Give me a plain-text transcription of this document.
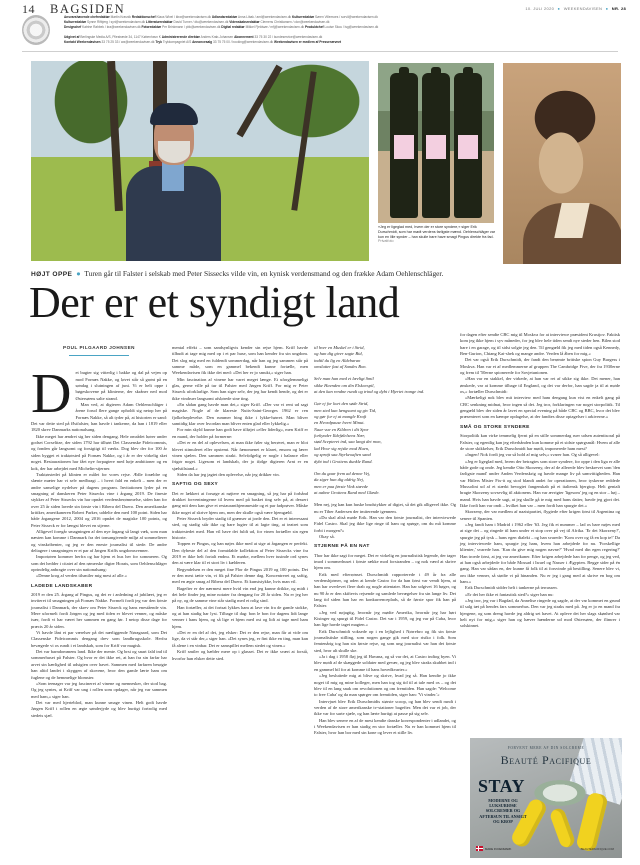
14 BAGSIDEN	10. JULI 2020 ● WEEKENDAVISEN ● NR. 28

Ansvarshavende chefredaktør Martin Krasnik Redaktionschef Klaus Wivel / kbw@weekendavisen.dk Udlandsredaktør Anna Libak / aml@weekendavisen.dk Kulturredaktør Søren Villemoes / sorvil@weekendavisen.dk

Kulturredaktør Synne Rifbjerg / syri@weekendavisen.dk Litteraturredaktør David Turner / dtu@weekendavisen.dk Videnskabsredaktør Clemens Christiansen / clcn@weekendavisen.dk

Designchef Katrine Rahbek / kra@weekendavisen.dk Fotoredaktør Per Brinkmann / pbk@weekendavisen.dk Digital redaktør Mikkel Fjeldsøe / mfj@weekendavisen.dk Produktchef Louise Skou / lsg@weekendavisen.dk

Udgivet af Berlingske Media A/S, Pilestræde 34, 1147 København K Administrerende direktør Anders Krab-Johansen Abonnement 33 75 30 22 / kundeservice@weekendavisen.dk

Kontakt Weekendavisen 33 75 25 33 / wa@weekendavisen.dk Tryk Trykkompagniet A/S Annoncesalg 33 75 75 00 / booking@weekendavisen.dk Weekendavisen er medlem af Pressenævnet

»Jeg er ligeglad med, hvem der er store syndere,« siger Erik Durschmidt, som har mødt verdens farligste mænd. Oehlenschläger var kun en lille synder – han skulle bare have smagt Pingus direkte fra fad.
Privatfoto
HØJT OPPE ● Turen går til Falster i selskab med Peter Sissecks vilde vin, en kynisk verdensmand og den frække Adam Oehlenschläger.
Der er et syndigt land
POUL PILGAARD JOHNSEN

Det bugter sig vitterlig i bakke og dal på vejen op mod Fornæs Nakke, og løvet står så grønt på en søndag i slutningen af juni. Vi er helt oppe i bøgeskovene på klinterne, der skråner ned mod Østersøens salte strand.

Man ved, at digteren Adam Oehlenschläger i årene forud flere gange opholdt sig netop her på Fornæs Nakke, så alt tyder på, at historien er sand: Det var dette sted på Østfalster, han havde i tankerne, da han i 1819 eller 1820 skrev Danmarks nationalsang.

Ikke meget har ændret sig her siden dengang. Hele området hører under godset Corselitze, der siden 1792 har tilhørt Det Classenske Fideicommis, og fonden går langsomt og forsigtigt til værks. Dog blev der for 100 år siden bygget et traktørsted på Fornæs Nakke, og i år er der virkelig sket noget. Restaurationen har fået nye forpagtere med høje ambitioner og en kok, der har arbejdet med Michelin-stjerner.

Traktørstedet på klinten er målet for vores rejse. Ædle forældre og slænte mæter har vi selv medbragt – i hvert fald en enkelt – men der er andre sanselige nydelser på dagens program. Invitationen lyder på en smagning af danskeren Peter Sissecks vine i årgang 2019. De fineste stykker af Peter Sissecks vin har opnået verdensberømmelse, siden han for over 25 år siden lavede sin første vin i Ribera del Duero. Den amerikanske kritiker, amerikaneren Robert Parker, uddelte den med 100 point. Siden har både årgangene 2012, 2004 og 2016 opnået de magiske 100 points, og Peter Sisseck er for længst blevet en stjerne.

Alligevel foregår smagningen af den nye årgang så langt væk, som man næsten kan komme i Danmark fra det tonsangivende miljø af sommelierer og vinskribenter, og jeg er den eneste journalist til stede. De andre deltagere i smagningen er et par af Jørgen Kriffs ungdomsvenner.

Importøren kommer herfra og har hjem et hus her for sommeren. Og som det hedder i citatet af den rømerske digter Horats, som Oehlenschläger oprindelig anbragte over sin nationalsang:

»Denne krog af verden tilsmiler mig mest af alle.«

LADEDE LANDSKABER

2019 er den 25. årgang af Pingus, og det er i anledning af jubilæet, jeg er inviteret til smagningen på Fornæs Nakke. Formelt fordi jeg var den første journalist i Danmark, der skrev om Peter Sisseck og hans enestående vin. Mere uformelt fordi Jørgen og jeg med tiden er blevet venner, og måske især, fordi vi har været her sammen en gang før. I netop disse dage for præcis 20 år siden.

Vi havde lånt et par værelser på det nærliggende Nøragaard, som Det Classenske Fideicommis dengang drev som landbrugsskole. Herfra bevægede vi os rundt i et landskab, som for Kriff var magisk.

Det var barndommens land. Ikke der mente. Og brst og snart fald ind til sommerhuset på Falster. Og hvor er det ikke ret, at han fra sin farfar har arvet sin kærlighed til udsigten over havet. Sammen med farfaren besøgte han altid landet i skyggen af skovene, hvor den gamle lærte ham om fuglene og de hemmelige blomster.

»Som teenager var jeg fascineret af vinene og mennesker, der stod bag. Og jeg syntes, at Kriff var ung i rollen som opdager, når jeg var sammen med ham,« siger han.

Det var med hjerteblod, man kunne smage vinen. Helt godt havde Jørgen Kriff i rollen en ægte sønderjyde og blev hurtigt fortrolig med stedets sjæl.

mental effekt – som sandsynligvis kender sin rejse hjem. Kriff havde tilbudt at tage mig med op i et par huse, som han kender fra sin ungdom. Det slog mig med en fuldendt sommerdag, når han og jeg sammen står på samme måde, som en gammel bekendt kunne fortælle, men Weekendavisen fik ikke det med: »Det her er jo smukt,« siger han.

Min fascination af vinene har varet meget længe. Et uforglemmeligt glas, gerne ville på tur til Falster med Jørgen Kriff. For mig er Peter Sisseck uforklarlige. Som han siger selv, der jeg har kendt hende, og det er ikke vindruer langsomt afslørede sine ting.

»En sådan gang havde man det,« siger Kriff. »Der var vi rent ud sagt magiske. Nogle af de klareste Nuits-Saint-Georges 1962 er ren fjolkelseplevelse. Den rummer bing ikke i lykke-hørret. Man bliver samtidig klar over hvordan man bliver enten glad eller lykkelig.«

For min skyld kunne han godt have tilføjet »eller liderlig«, men Kriff er en mand, der holder på formerne:

»Det er en del af oplevelsen, at man ikke føler sig berøvet, man er blot blevet stimuleret eller opstemt. Når fænomenet er klaret, ensom og lærer vinen sjælen. Den sammen strakt. Selvfølgelig er nogle i balance eller frigør noget. Ligesom et landskab, der jo ifølge digteren Arnt er en sjælstilstand.«

Siden da har jeg jagtet den oplevelse, når jeg drikker vin.

SAFTIG OG SEXY

Det er lækkert at forsøge at nøjtere en smagning, så jeg har på forhånd drukket forventningerne til hvem med på basket ting selv på, at dessert gang mit dem kan give et restauranthjemmeside og et par fadprøver. Måske ikke noget af skrive hjem om, men der skulle også være hjemgæld.

Peter Sisseck bryder stadig til grænser at jorde den. Det er et interessant sted, og stadig står ikke og bare lugter til at lagte ting, at teatret som traktørstedet med. Han vil have det fuldt ud, for vinen fortæller sin egen historie.

Toppen er Pingus, og han nøjes ikke med at sige at årgangen er perfekt. Den dybeste del af den formidable kollektion af Peter Sissecks vine fra 2019 er ikke helt fortalt endnu. Et mørke, mellem hver tusinde ord synes den at være klar til et stort liv i kælderen.

Begyndelsen er den meget fine Flor de Pingus 2019 og 100 points. Det er den mest tætte vin, vi fik på Falster denne dag. Koncentreret og saftig, med en ægte smag af Ribera del Duero. Et kunststykke, hvis man vil.

Bagefter er der nærmest mere hvid vin end jeg kunne drikke, og midt i det hele finder jeg mine notater fra dengang for 20 år siden. Nu er jeg her på ny, og de samme vine står stadig med et rolig sind.

Han fortæller, at det fortsat lykkes ham at lave vin fra de gamle stokke, og at han stadig har lyst. Tilbage til dag: bon le bon for dagens lidt lange venner i hans hjem, og så lige et hjem med ost og lidt at tage med ham hjem.

»Det er en del af det, jeg elsker: Det er den rejse, man får at vide om lige, da vi står der,« siger han. »Det synes jeg, er fint ikke en ting, man kan få alene i en vinbar. Det er samspillet mellem stedet og vinen.«

Kriff smiler og hælder mere op i glasset. Det er ikke svært at forstå, hvorfor han elsker dette sted.

til hver en Muskel er i Strid,

og han dig giver sagte Bid,

indtil du lig en Aldebaran

omslutter fast af Sandes Bon.

Selv man han med et lævligt Smil

sikke Havnden om din Elskovspil,

at den kan rendne rundt og trind og dybt i Hjertet trange ind.

Gør ej for kort den søde Strid,

men sted kun længsomt og giv Tid,

og gør for ej at mangle Kraft

en Hvordpause hvert Minut.

Naar vue en Kildren i dit Spor

forkynder Ildefølelsens Nær,

stød Scepteret ind, saa langt det mon,

lad Hvor sig rejske mod Huen,

og sprøjt saa Styrkeoaften sand

dybt ind i Grottens dunkle Rand.

Om du gaar frem ad denne Vej,

da siger hun dig aldrig Nej,

men er paa første Vink stævde

at aabne Grottens Rand med Glæde.

Men nej, jeg kan kun huske brudstykker af digtet, så det gik alligevel ikke. Og nu er Tiber Andersen der imiterende igennem.

»Du skal altså møde Erik. Han var den første journalist, der interviewede Fidel Castro. Skal jeg ikke lige ringe til ham og spørge, om du må komme forbi i morgen?«

Okay så.

STJERNE PÅ EN NAT

Thor har ikke sagt for meget. Det er virkelig en journalistisk legende, der tager imod i sommerhuset i første række mod forstranden – og nok værd at skrive hjem om.

Erik med efterrønset. Durschmidt rapporterede i 49 år fra alle verdenshjørner, og uden at kende Castro for da han først var vendt hjem, at han har overlevet flere drab og nogle attentater. Han har udgivet 16 bøger, og nu 90 år er den skiftevis rejsende og samlede bevægelser fra sin lange liv. Det lang tid siden han har en konkurrenceplads, så de første spor fik han på Falster.

»Jeg ved nøjagtig, hvornår jeg mødte Amerika, hvornår jeg har hørt Kisinger og spurgt til Fidel Castro. Det var i 1959, og jeg var på Cuba, hvor han lige havde taget magten.«

Erik Durschmidt voksede op i en lejlighed i Nørrebro og fik sin første journalistiske stilling, som nogen gange gik med stor risiko i folk. Som femtenårig tog han sin første rejse, og som ung journalist var han det første sted, hvor alt skulle ske.

»Ja i dag i 1958 fløj jeg til Havana, og så var det, at Castro indtog byen. Vi blev mødt af de skæggede soldater med gevær, og jeg blev straks skubbet ind i en gammel bil for at komme til hans hovedkvarter.«

»Jeg besluttede mig at blive og skrive, hvad jeg så. Han kendte jo ikke noget til mig og mine kolleger, men han tog sig tid til at tale med os – og det blev til en lang snak om revolutionen og om fremtiden. Han sagde: 'Welcome to free Cuba' og da man spørger om fremtiden, siger han: 'Vi vinder.'«

Intervjuet blev Erik Durschmidts største scoop, og han blev sendt rundt i verden af de store amerikanske tv-stationer bagefter. Men det var et job, der ikke var for sarte sjæle, og han lærte hurtigt at passe på sig selv.

Han blev senere en af de mest kendte danske korrespondenter i udlandet, og i Weekendavisen er han stadig en stor fortæller. Nu er han kommet hjem til Falster, hvor han bor med sin kone og lever et stille liv.

for dagen efter sendte CBC mig til Moskva for at interviewe præsident Krustjov. Faktisk kom jeg ikke hjem i syv måneder, for jeg blev hele tiden sendt nye steder hen. Bilen stod bare i en garage, og til sidst solgte jeg den. Til gengæld fik jeg med tiden også Kennedy, Ben-Gurion, Chiang Kai-shek og mange andre. Verden lå åben for mig.«

Det var også Erik Durschmidt, der fandt den berømte britiske spion Guy Burgess i Moskva. Han var et af medlemmerne af gruppen The Cambridge Five, der fra 1930erne og frem til '50erne spionerede for Sovjetunionen.

»Han var en stakkel, der virkede, at han var ret af sikke sig ikke. Det mener, han ønskede, var at komme tilbage til England, og det var derfor, han sagde ja til at møde os,« fortæller Durschmidt:

»Mærkeligt nok blev mit interview med ham dengang kun vist en enkelt gang på CBC senkning midnat, hvor ingen så det. Jeg tror, forklaringen var noget storpolitik. Til gengæld blev der siden år lavet en special evening på både CBC og BBC, hvor det blev præsenteret som en kæmpe opdagelse, at der fandtes disse optagelser i arkiverne.«

SMÅ OG STORE SYNDERE

Storpolitik kan virke temmelig fjernt på en stille sommerdag ruer udsen autentisoral på Falster, og egentlig kan jeg efterhånden kun komme på et sidste spørgsmål: Hvem af alle de store skikkelser, Erik Durschmidt har mødt, imponerede ham mest?

»Ingen! Nok fordi jeg var så hold af mig selv,« svarer han. Og så alligevel:

»Jeg er ligeglad med, hvem der betragtes som store syndere, for oppe i den liga er alle både gode og onde. Jeg kendte Otto Skorzeny, der af de allerede blev beskrevet som 'den farligste mand' under Anden Verdenskrig og havde mange liv på samvittigheden. Han var Hitlers Mister Fix-it og stod blandt andet for operationen, hvor tyskerne reddede Mussolini ud af et stærkt bevogtet fangenskab på et italiensk bjergtop. Helt genialt bragte Skorzeny sovsevlig til aktionens. Han var ævrigter 'ligesom' jeg og en stor – høj – mand. Hvis han havde sagt, at jeg skulle gå te mig med hans datter, havde jeg gjort det. Ikke fordi han var ondt – hvilket han var – men fordi han spurgte det.«

Skorzeny, der var medlem af nazistpartiet, flygtede efter krigen først til Argentina og senere til Spanien.

»Jeg fandt ham i Madrid i 1962 eller '63. Jeg fik et nummer – lad os bare nøjes med at sige det – og ringede til ham under et stop over på vej til Afrika. 'Er det Skorzeny?', spurgte jeg på tysk – hans egen dialekt – og han svarede: 'Kom over og få en kop te!' Da jeg interviewede ham, spurgte jeg ham, hvem han arbejdede for nu. 'Forskellige klienter,' svarede han. 'Kan du give mig nogen navne?' 'Hvad med din egen regering?' Han troede først, at jeg var amerikaner. Efter krigen arbejdede han for penge, og jeg ved, at han også arbejdede for både Mossad i Israel og Nasser i Ægypten. Begge sider på én gang. Han var sådan en, der kunne få folk til at forsvinde på bestilling. Senere blev vi, om ikke venner, så stødte vi på hinanden. Nu er jeg i gang med at skrive en bog om ham.«

Erik Durschmidt sidder helt i tankerne på terrassen.

»Er det her ikke et fantastisk sted?« siger han nu:

»Jeg tror, jeg var i Bagdad, da Annelise ringede og sagde, at der var kommet en grund til salg tæt på hendes fars sommerhus. Den var jeg straks med på. Jeg er jo en mand fra bjergene, og som dreng havde jeg aldrig set havet. At opleve det her slags skønhed var helt nyt for mig,« siger han og hæver hænderne ud mod Østersøen, der flimrer i solskinnet.

FORVENT MERE AF DIN SOLCREME
Beauté Pacifique
STAY
MODERNE OG LUKSURIØSE SOLCREMER OG AFTERSUN TIL ANSIGT OG KROP
MADE IN DENMARK	BEAUTEPACIFIQUE.COM
